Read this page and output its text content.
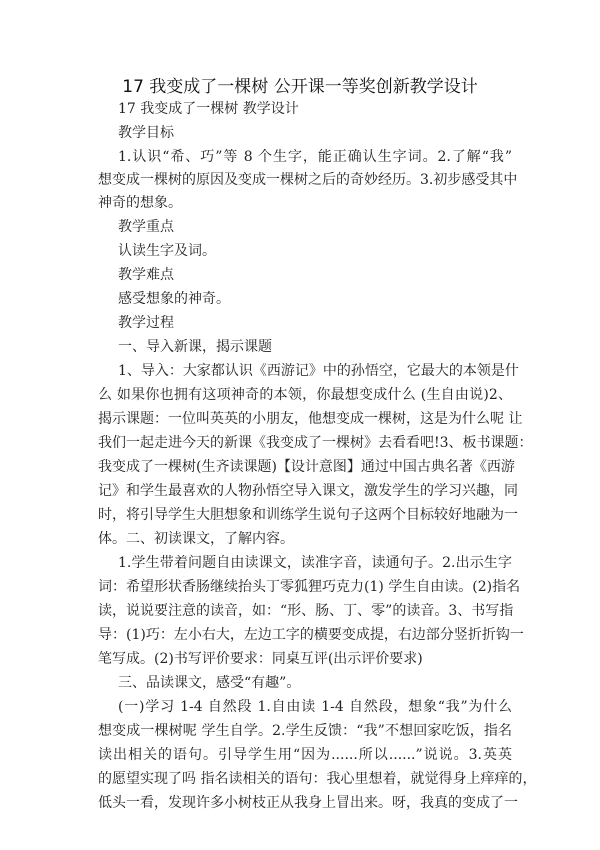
17 我变成了一棵树 公开课一等奖创新教学设计
17 我变成了一棵树 教学设计
教学目标
1.认识“希、巧”等 8 个生字，能正确认生字词。2.了解“我”
想变成一棵树的原因及变成一棵树之后的奇妙经历。3.初步感受其中
神奇的想象。
教学重点
认读生字及词。
教学难点
感受想象的神奇。
教学过程
一、导入新课，揭示课题
1、导入：大家都认识《西游记》中的孙悟空，它最大的本领是什
么 如果你也拥有这项神奇的本领，你最想变成什么 (生自由说)2、
揭示课题：一位叫英英的小朋友，他想变成一棵树，这是为什么呢 让
我们一起走进今天的新课《我变成了一棵树》去看看吧!3、板书课题：
我变成了一棵树(生齐读课题)【设计意图】通过中国古典名著《西游
记》和学生最喜欢的人物孙悟空导入课文，激发学生的学习兴趣，同
时，将引导学生大胆想象和训练学生说句子这两个目标较好地融为一
体。二、初读课文，了解内容。
1.学生带着问题自由读课文，读准字音，读通句子。2.出示生字
词：希望形状香肠继续抬头丁零狐狸巧克力(1) 学生自由读。(2)指名
读，说说要注意的读音，如：“形、肠、丁、零”的读音。3、书写指
导：(1)巧：左小右大，左边工字的横要变成提，右边部分竖折折钩一
笔写成。(2)书写评价要求：同桌互评(出示评价要求)
三、品读课文，感受“有趣”。
(一)学习 1-4 自然段 1.自由读 1-4 自然段，想象“我”为什么
想变成一棵树呢 学生自学。2.学生反馈：“我”不想回家吃饭，指名
读出相关的语句。引导学生用“因为......所以......”说说。3.英英
的愿望实现了吗 指名读相关的语句：我心里想着，就觉得身上痒痒的，
低头一看，发现许多小树枝正从我身上冒出来。呀，我真的变成了一
